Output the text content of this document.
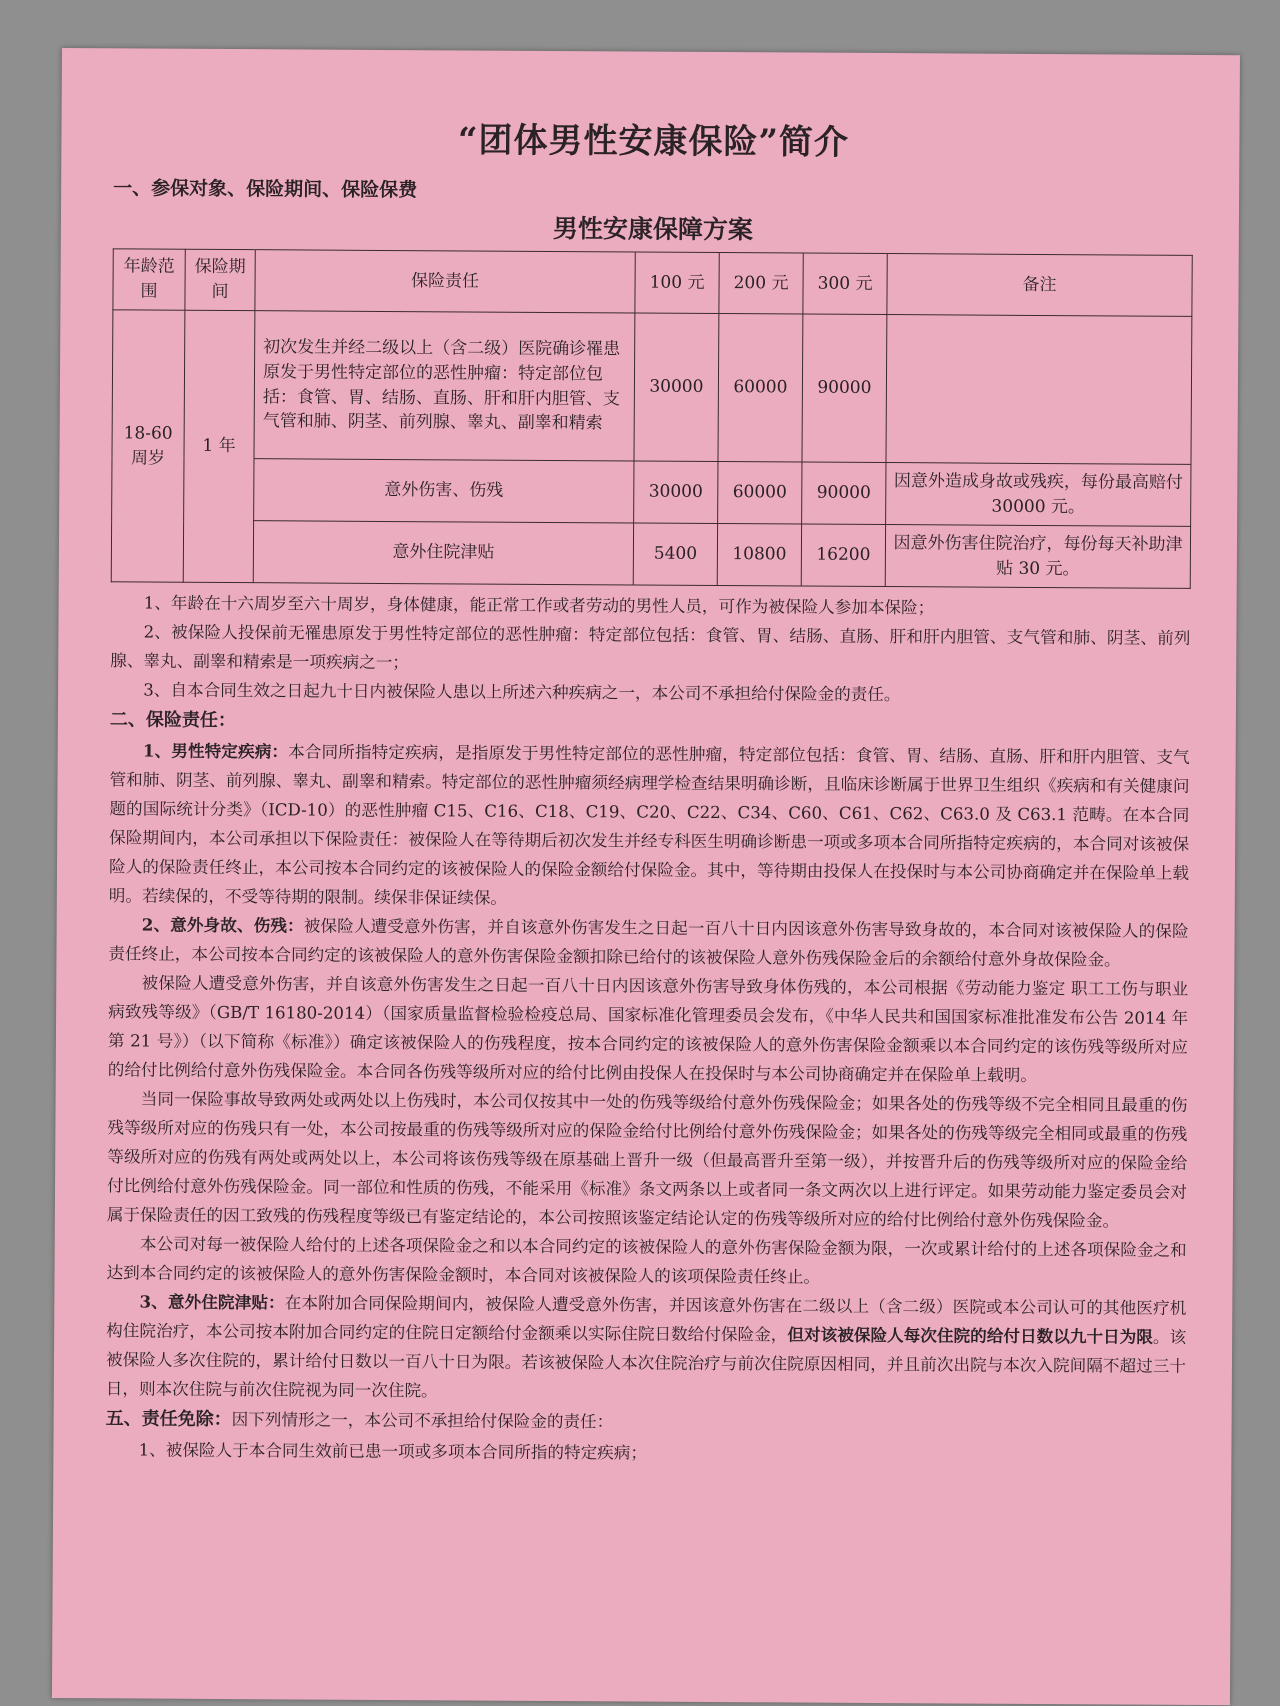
“团体男性安康保险”简介
一、参保对象、保险期间、保险保费
男性安康保障方案
年龄范围	保险期间	保险责任	100 元	200 元	300 元	备注
18-60周岁	1 年	初次发生并经二级以上（含二级）医院确诊罹患原发于男性特定部位的恶性肿瘤：特定部位包括：食管、胃、结肠、直肠、肝和肝内胆管、支气管和肺、阴茎、前列腺、睾丸、副睾和精索	30000	60000	90000	
		意外伤害、伤残	30000	60000	90000	因意外造成身故或残疾，每份最高赔付 30000 元。
		意外住院津贴	5400	10800	16200	因意外伤害住院治疗，每份每天补助津贴 30 元。

1、年龄在十六周岁至六十周岁，身体健康，能正常工作或者劳动的男性人员，可作为被保险人参加本保险；

2、被保险人投保前无罹患原发于男性特定部位的恶性肿瘤：特定部位包括：食管、胃、结肠、直肠、肝和肝内胆管、支气管和肺、阴茎、前列腺、睾丸、副睾和精索是一项疾病之一；

3、自本合同生效之日起九十日内被保险人患以上所述六种疾病之一，本公司不承担给付保险金的责任。

二、保险责任：

1、男性特定疾病：本合同所指特定疾病，是指原发于男性特定部位的恶性肿瘤，特定部位包括：食管、胃、结肠、直肠、肝和肝内胆管、支气管和肺、阴茎、前列腺、睾丸、副睾和精索。特定部位的恶性肿瘤须经病理学检查结果明确诊断，且临床诊断属于世界卫生组织《疾病和有关健康问题的国际统计分类》（ICD-10）的恶性肿瘤 C15、C16、C18、C19、C20、C22、C34、C60、C61、C62、C63.0 及 C63.1 范畴。在本合同保险期间内，本公司承担以下保险责任：被保险人在等待期后初次发生并经专科医生明确诊断患一项或多项本合同所指特定疾病的，本合同对该被保险人的保险责任终止，本公司按本合同约定的该被保险人的保险金额给付保险金。其中，等待期由投保人在投保时与本公司协商确定并在保险单上载明。若续保的，不受等待期的限制。续保非保证续保。

2、意外身故、伤残：被保险人遭受意外伤害，并自该意外伤害发生之日起一百八十日内因该意外伤害导致身故的，本合同对该被保险人的保险责任终止，本公司按本合同约定的该被保险人的意外伤害保险金额扣除已给付的该被保险人意外伤残保险金后的余额给付意外身故保险金。

被保险人遭受意外伤害，并自该意外伤害发生之日起一百八十日内因该意外伤害导致身体伤残的，本公司根据《劳动能力鉴定 职工工伤与职业病致残等级》（GB/T 16180-2014）（国家质量监督检验检疫总局、国家标准化管理委员会发布，《中华人民共和国国家标准批准发布公告 2014 年第 21 号》）（以下简称《标准》）确定该被保险人的伤残程度，按本合同约定的该被保险人的意外伤害保险金额乘以本合同约定的该伤残等级所对应的给付比例给付意外伤残保险金。本合同各伤残等级所对应的给付比例由投保人在投保时与本公司协商确定并在保险单上载明。

当同一保险事故导致两处或两处以上伤残时，本公司仅按其中一处的伤残等级给付意外伤残保险金；如果各处的伤残等级不完全相同且最重的伤残等级所对应的伤残只有一处，本公司按最重的伤残等级所对应的保险金给付比例给付意外伤残保险金；如果各处的伤残等级完全相同或最重的伤残等级所对应的伤残有两处或两处以上，本公司将该伤残等级在原基础上晋升一级（但最高晋升至第一级），并按晋升后的伤残等级所对应的保险金给付比例给付意外伤残保险金。同一部位和性质的伤残，不能采用《标准》条文两条以上或者同一条文两次以上进行评定。如果劳动能力鉴定委员会对属于保险责任的因工致残的伤残程度等级已有鉴定结论的，本公司按照该鉴定结论认定的伤残等级所对应的给付比例给付意外伤残保险金。

本公司对每一被保险人给付的上述各项保险金之和以本合同约定的该被保险人的意外伤害保险金额为限，一次或累计给付的上述各项保险金之和达到本合同约定的该被保险人的意外伤害保险金额时，本合同对该被保险人的该项保险责任终止。

3、意外住院津贴：在本附加合同保险期间内，被保险人遭受意外伤害，并因该意外伤害在二级以上（含二级）医院或本公司认可的其他医疗机构住院治疗，本公司按本附加合同约定的住院日定额给付金额乘以实际住院日数给付保险金，但对该被保险人每次住院的给付日数以九十日为限。该被保险人多次住院的，累计给付日数以一百八十日为限。若该被保险人本次住院治疗与前次住院原因相同，并且前次出院与本次入院间隔不超过三十日，则本次住院与前次住院视为同一次住院。

五、责任免除：因下列情形之一，本公司不承担给付保险金的责任：

1、被保险人于本合同生效前已患一项或多项本合同所指的特定疾病；
